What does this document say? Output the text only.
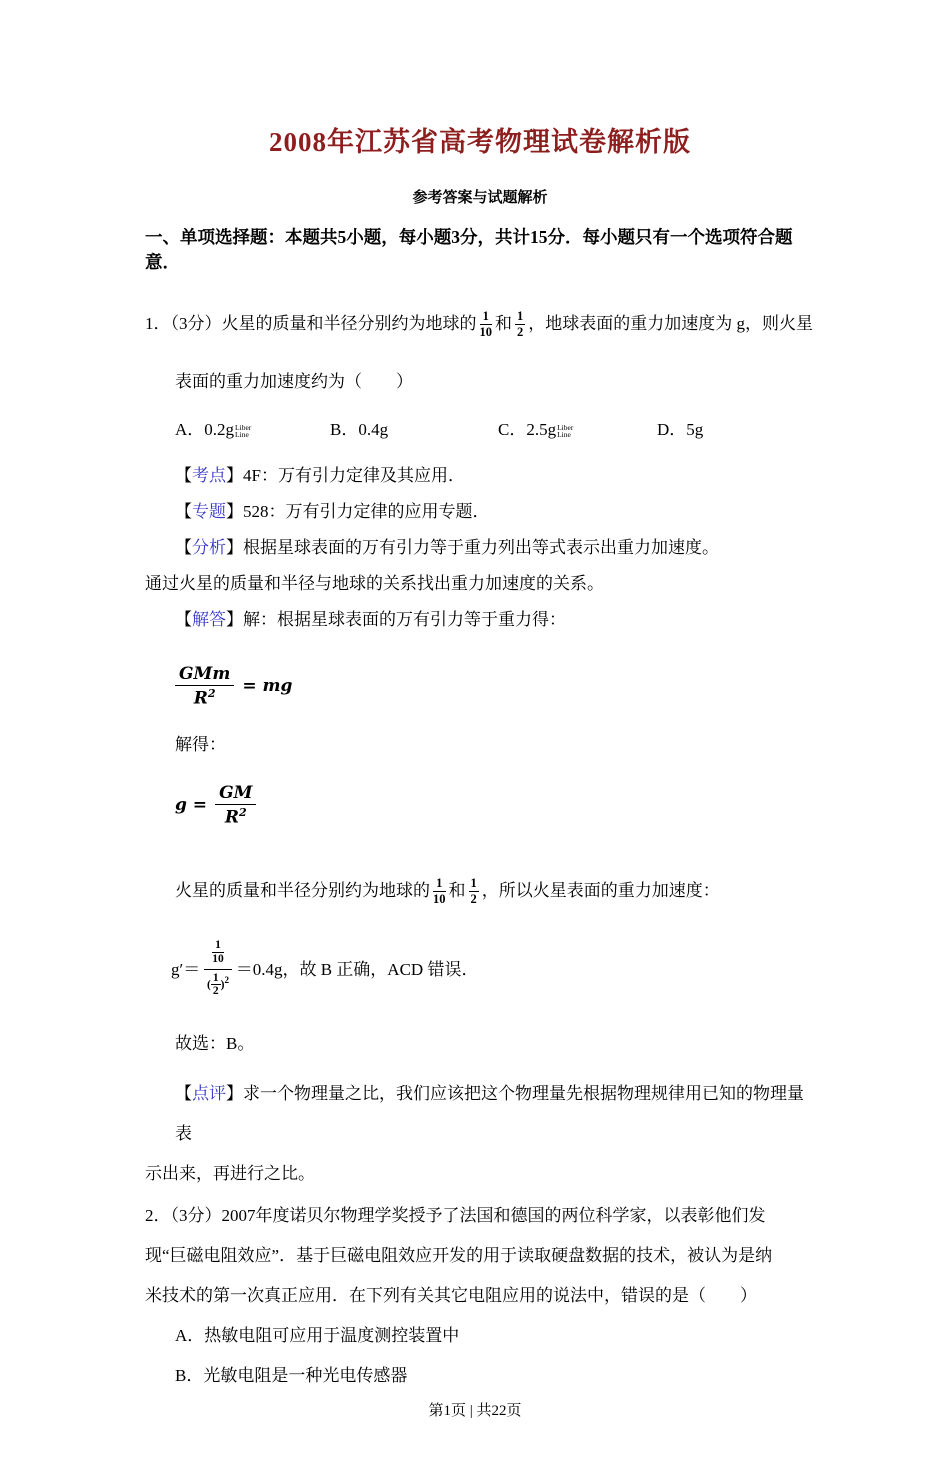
2008年江苏省高考物理试卷解析版
参考答案与试题解析
一、单项选择题：本题共5小题，每小题3分，共计15分．每小题只有一个选项符合题意．
1．（3分）火星的质量和半径分别约为地球的 $\frac{1}{10}$ 和 $\frac{1}{2}$ ，地球表面的重力加速度为 g，则火星
表面的重力加速度约为（　　）
A．0.2g Liber
Line	B．0.4g	C．2.5g Liber
Line	D．5g
【考点】4F：万有引力定律及其应用．
【专题】528：万有引力定律的应用专题．
【分析】根据星球表面的万有引力等于重力列出等式表示出重力加速度。
通过火星的质量和半径与地球的关系找出重力加速度的关系。
【解答】解：根据星球表面的万有引力等于重力得：
$\frac{\text{GMm}}{R^2}$ = mg
解得：
$g = \frac{GM}{R^2}$
火星的质量和半径分别约为地球的 $\frac{1}{10}$ 和 $\frac{1}{2}$ ，所以火星表面的重力加速度：
$g'= \frac{\frac{1}{10}}{( \frac{1}{2} )^2} =0.4g$，故 B 正确，ACD 错误．
故选：B。
【点评】求一个物理量之比，我们应该把这个物理量先根据物理规律用已知的物理量表
示出来，再进行之比。
2．（3分）2007年度诺贝尔物理学奖授予了法国和德国的两位科学家，以表彰他们发
现“巨磁电阻效应”．基于巨磁电阻效应开发的用于读取硬盘数据的技术，被认为是纳
米技术的第一次真正应用．在下列有关其它电阻应用的说法中，错误的是（　　）
A．热敏电阻可应用于温度测控装置中
B．光敏电阻是一种光电传感器
第1页 | 共22页
